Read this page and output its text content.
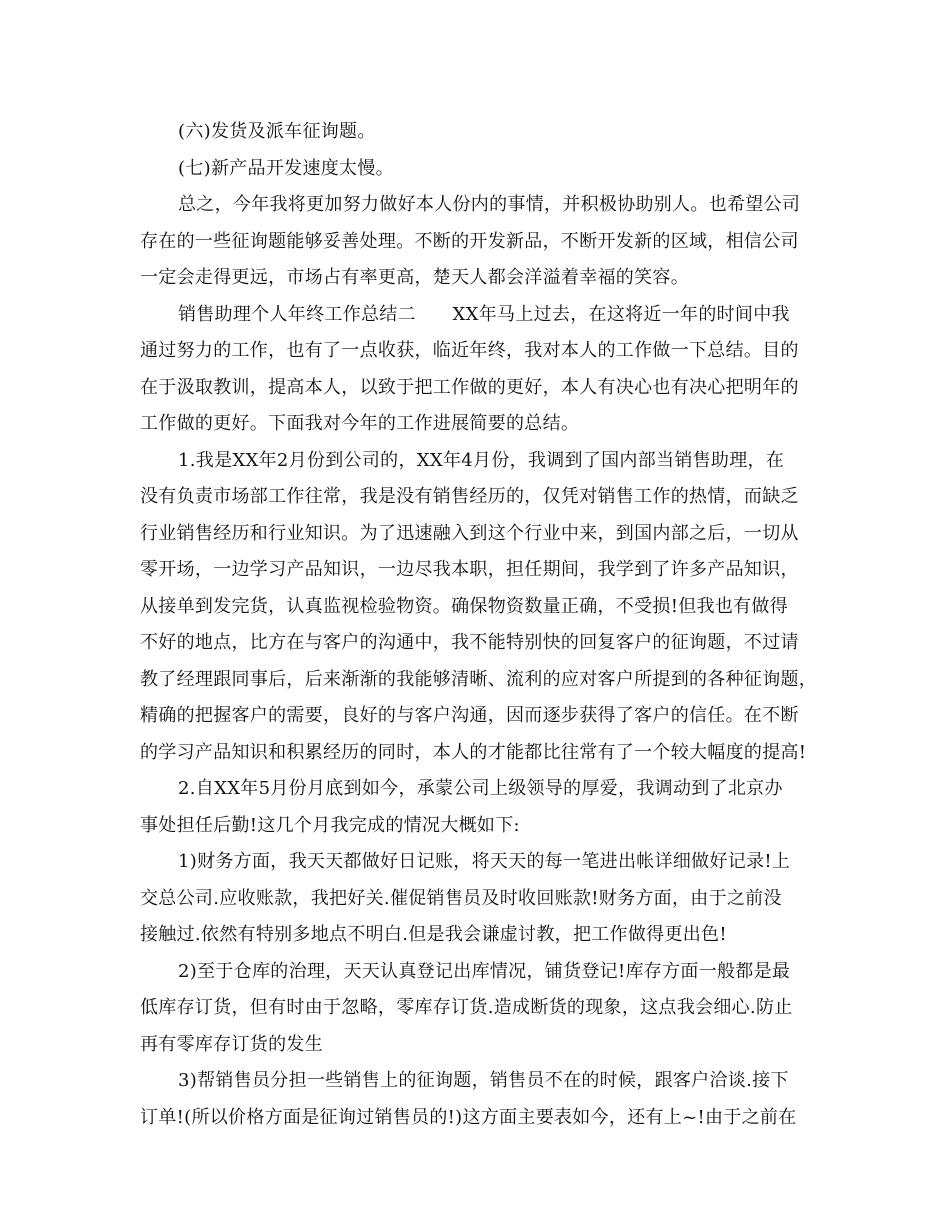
(六)发货及派车征询题。
(七)新产品开发速度太慢。
总之，今年我将更加努力做好本人份内的事情，并积极协助别人。也希望公司
存在的一些征询题能够妥善处理。不断的开发新品，不断开发新的区域，相信公司
一定会走得更远，市场占有率更高，楚天人都会洋溢着幸福的笑容。
销售助理个人年终工作总结二　　XX年马上过去，在这将近一年的时间中我
通过努力的工作，也有了一点收获，临近年终，我对本人的工作做一下总结。目的
在于汲取教训，提高本人，以致于把工作做的更好，本人有决心也有决心把明年的
工作做的更好。下面我对今年的工作进展简要的总结。
1.我是XX年2月份到公司的，XX年4月份，我调到了国内部当销售助理，在
没有负责市场部工作往常，我是没有销售经历的，仅凭对销售工作的热情，而缺乏
行业销售经历和行业知识。为了迅速融入到这个行业中来，到国内部之后，一切从
零开场，一边学习产品知识，一边尽我本职，担任期间，我学到了许多产品知识，
从接单到发完货，认真监视检验物资。确保物资数量正确，不受损!但我也有做得
不好的地点，比方在与客户的沟通中，我不能特别快的回复客户的征询题，不过请
教了经理跟同事后，后来渐渐的我能够清晰、流利的应对客户所提到的各种征询题，
精确的把握客户的需要，良好的与客户沟通，因而逐步获得了客户的信任。在不断
的学习产品知识和积累经历的同时，本人的才能都比往常有了一个较大幅度的提高!
2.自XX年5月份月底到如今，承蒙公司上级领导的厚爱，我调动到了北京办
事处担任后勤!这几个月我完成的情况大概如下:
1)财务方面，我天天都做好日记账，将天天的每一笔进出帐详细做好记录!上
交总公司.应收账款，我把好关.催促销售员及时收回账款!财务方面，由于之前没
接触过.依然有特别多地点不明白.但是我会谦虚讨教，把工作做得更出色!
2)至于仓库的治理，天天认真登记出库情况，铺货登记!库存方面一般都是最
低库存订货，但有时由于忽略，零库存订货.造成断货的现象，这点我会细心.防止
再有零库存订货的发生
3)帮销售员分担一些销售上的征询题，销售员不在的时候，跟客户洽谈.接下
订单!(所以价格方面是征询过销售员的!)这方面主要表如今，还有上~!由于之前在
